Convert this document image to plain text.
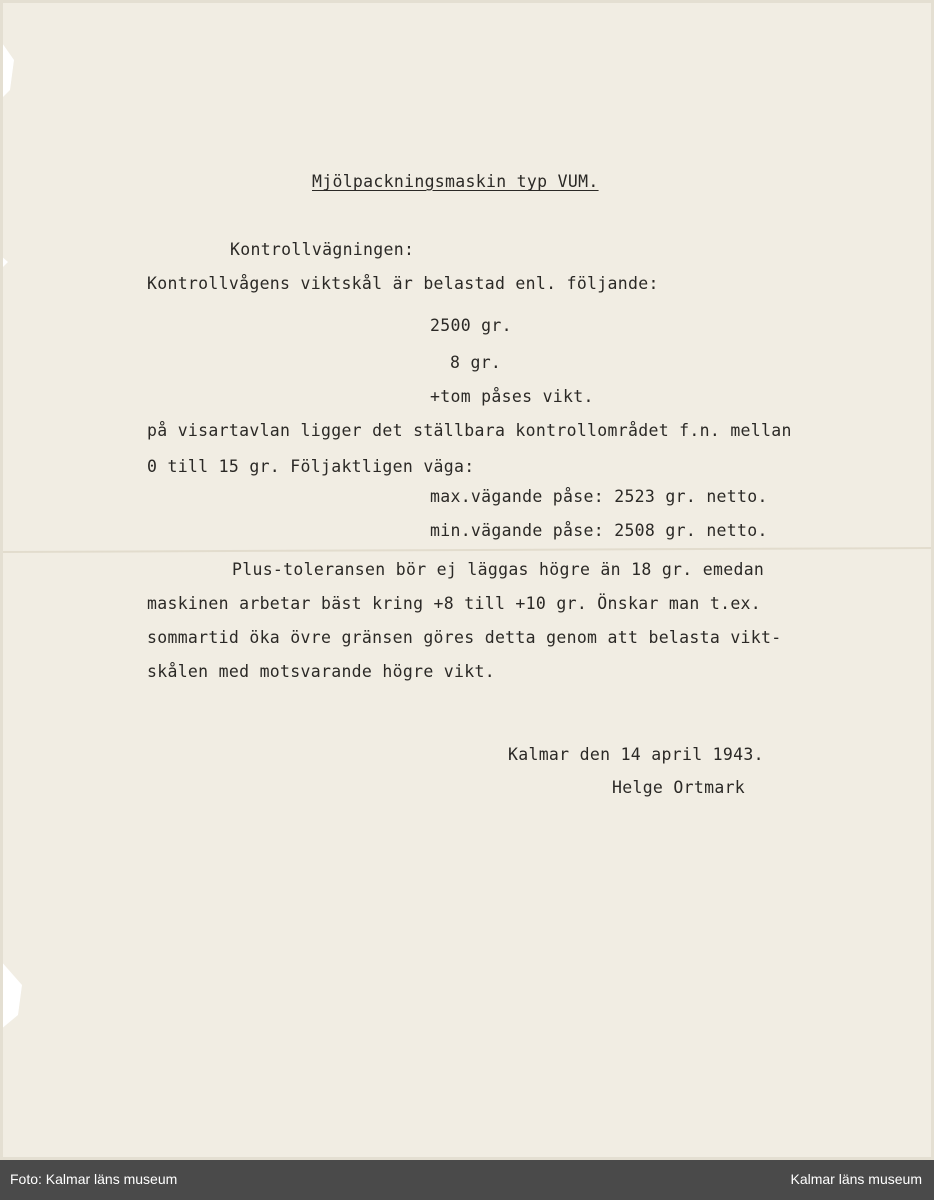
Mjölpackningsmaskin typ VUM.
Kontrollvägningen:
Kontrollvågens viktskål är belastad enl. följande:
2500 gr.
8 gr.
+tom påses vikt.
på visartavlan ligger det ställbara kontrollområdet f.n. mellan
0 till 15 gr. Följaktligen väga:
max.vägande påse: 2523 gr. netto.
min.vägande påse: 2508 gr. netto.
Plus-toleransen bör ej läggas högre än 18 gr. emedan
maskinen arbetar bäst kring +8 till +10 gr. Önskar man t.ex.
sommartid öka övre gränsen göres detta genom att belasta vikt-
skålen med motsvarande högre vikt.
Kalmar den 14 april 1943.
Helge Ortmark
Foto: Kalmar läns museum	Kalmar läns museum
